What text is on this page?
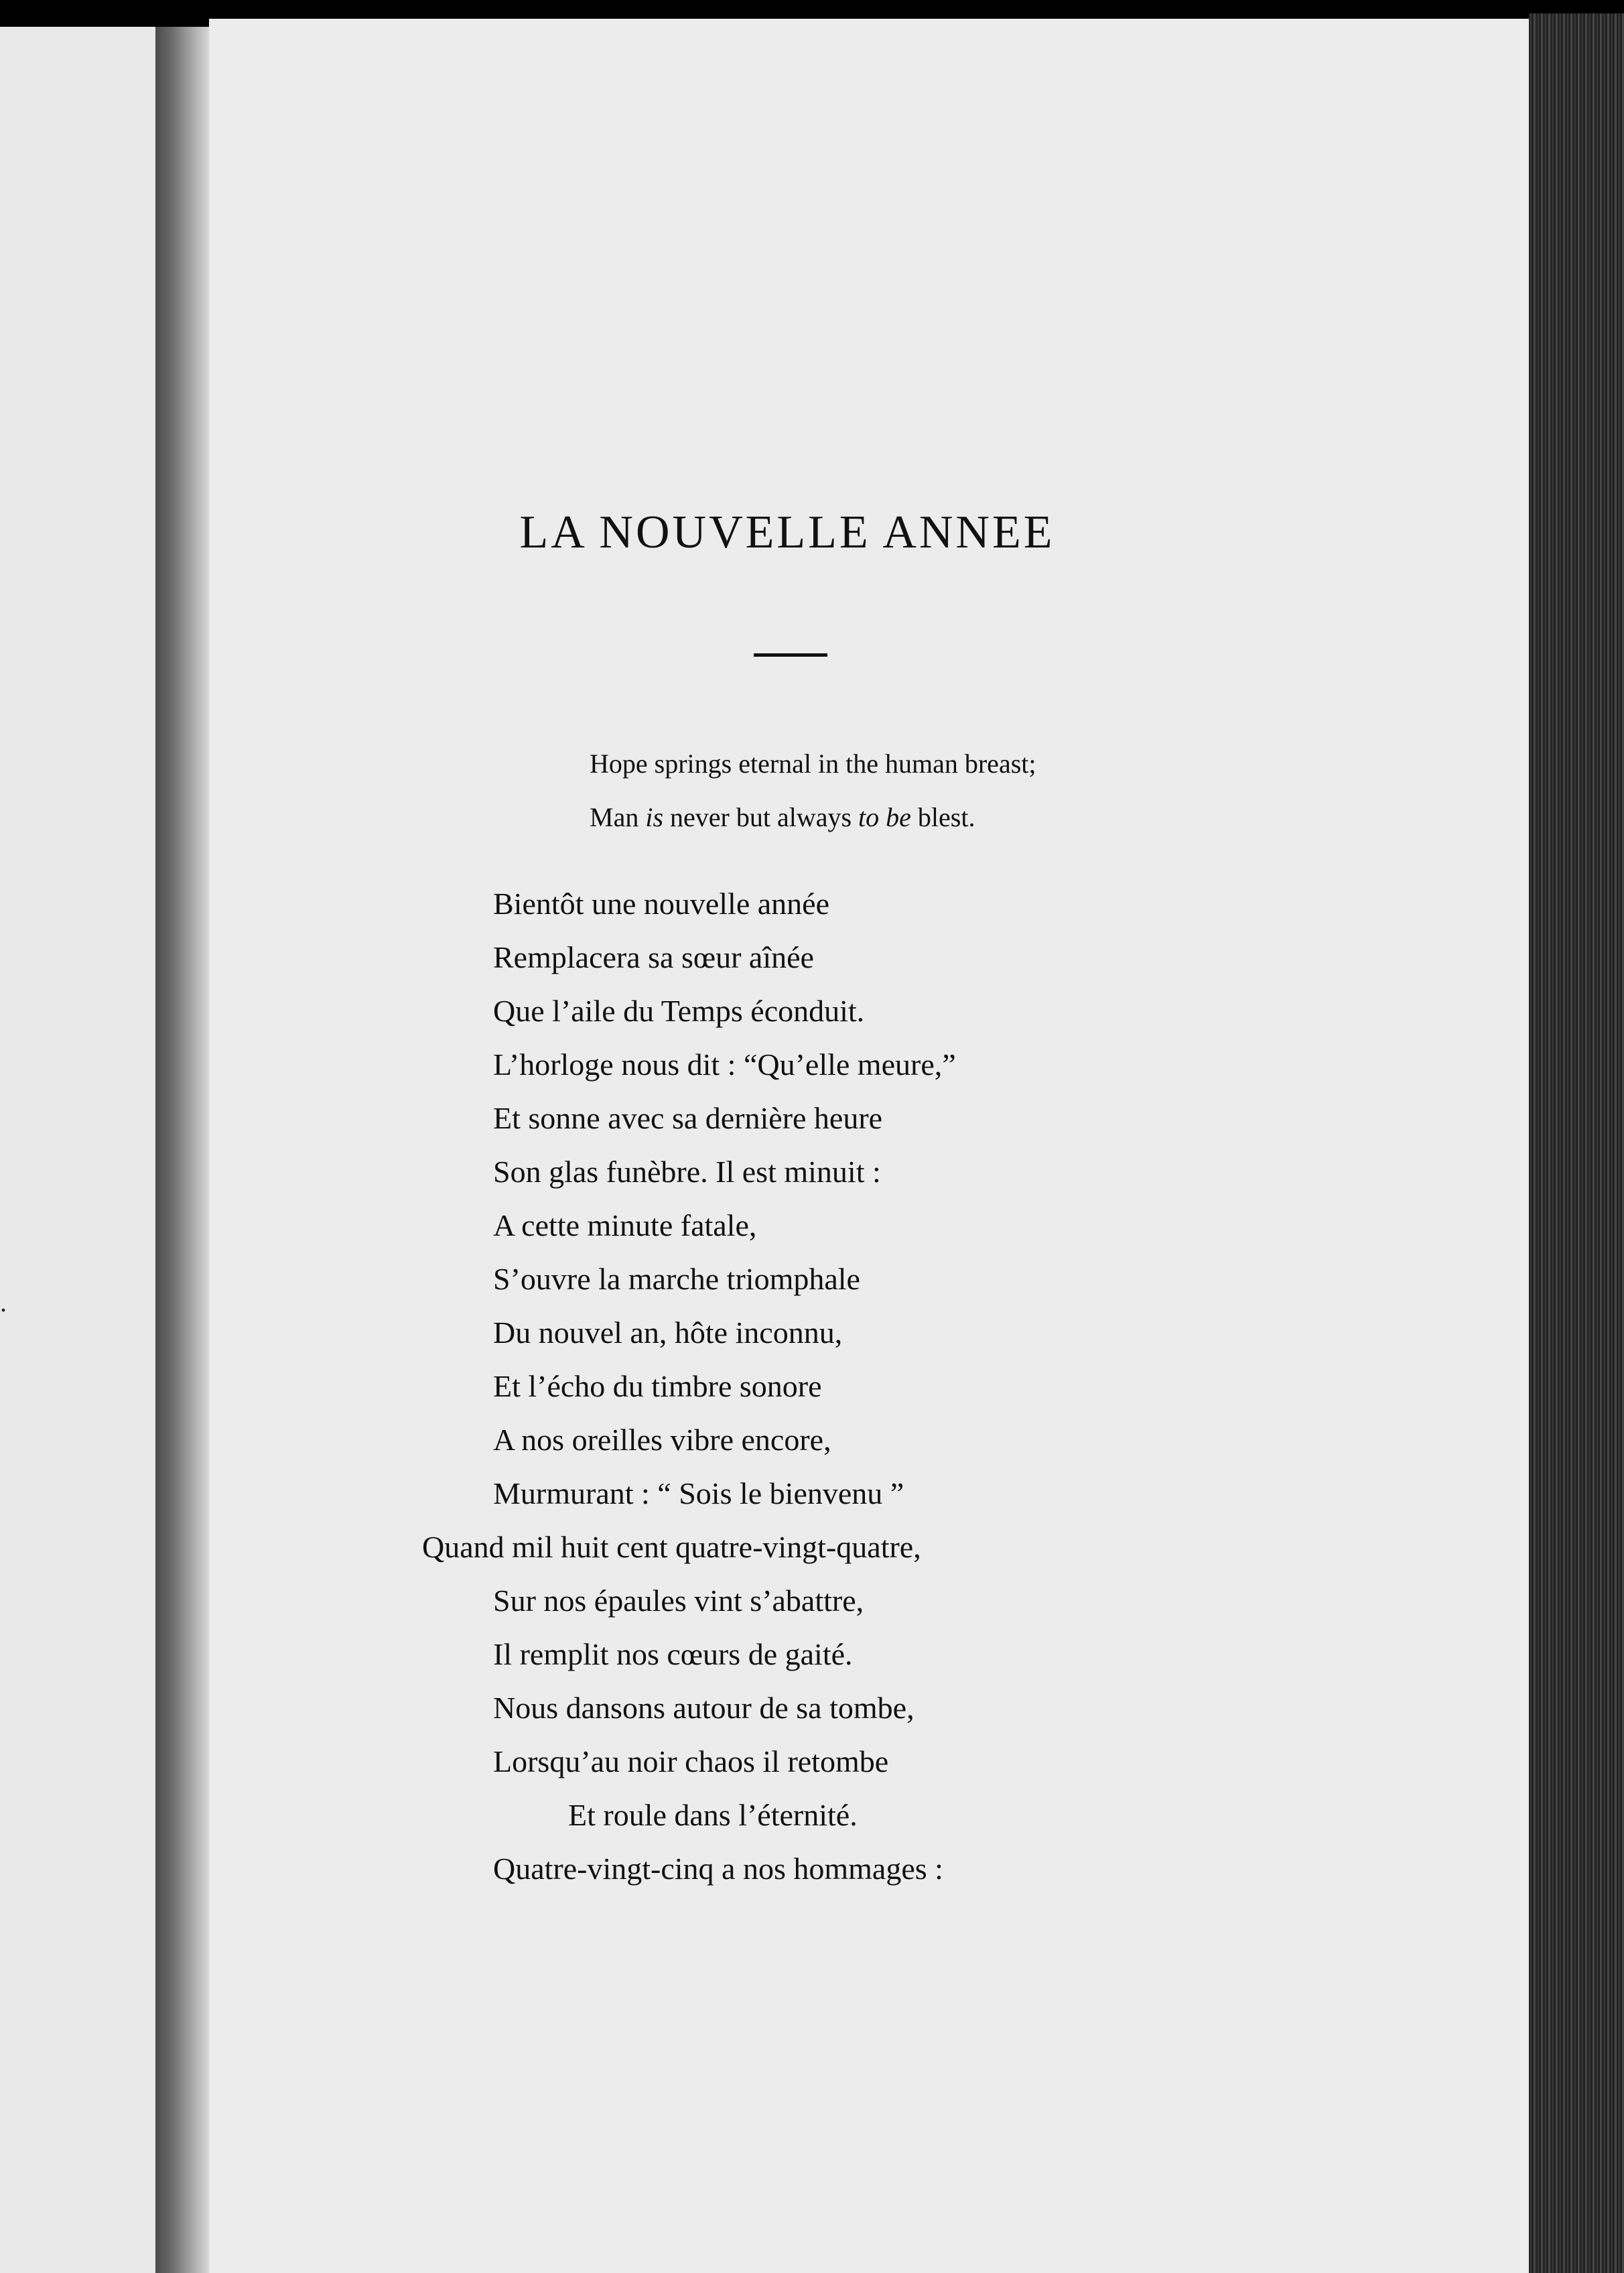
.
LA NOUVELLE ANNEE
Hope springs eternal in the human breast;
Man is never but always to be blest.
Bientôt une nouvelle année
Remplacera sa sœur aînée
Que l’aile du Temps éconduit.
L’horloge nous dit : “Qu’elle meure,”
Et sonne avec sa dernière heure
Son glas funèbre. Il est minuit :
A cette minute fatale,
S’ouvre la marche triomphale
Du nouvel an, hôte inconnu,
Et l’écho du timbre sonore
A nos oreilles vibre encore,
Murmurant : “ Sois le bienvenu ”
Quand mil huit cent quatre-vingt-quatre,
Sur nos épaules vint s’abattre,
Il remplit nos cœurs de gaité.
Nous dansons autour de sa tombe,
Lorsqu’au noir chaos il retombe
Et roule dans l’éternité.
Quatre-vingt-cinq a nos hommages :
